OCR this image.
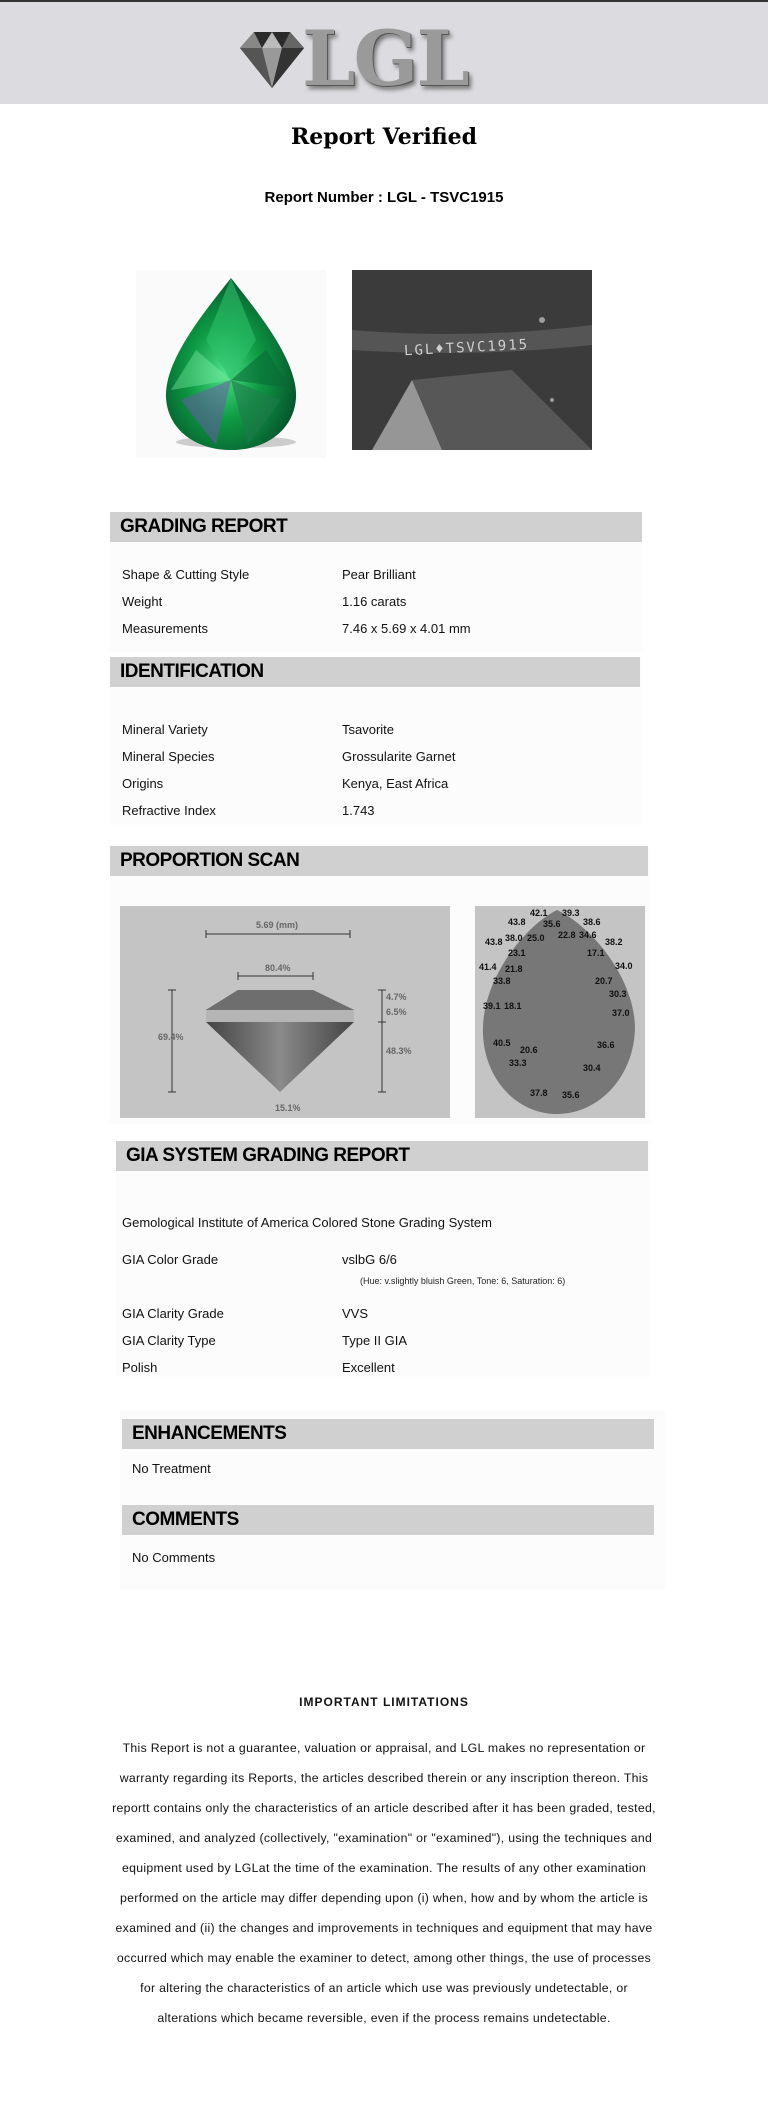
LGL
Report Verified
Report Number : LGL - TSVC1915
LGL♦TSVC1915
GRADING REPORT
Shape & Cutting Style	Pear Brilliant
Weight	1.16 carats
Measurements	7.46 x 5.69 x 4.01 mm
IDENTIFICATION
Mineral Variety	Tsavorite
Mineral Species	Grossularite Garnet
Origins	Kenya, East Africa
Refractive Index	1.743
PROPORTION SCAN
5.69 (mm)
80.4%
69.4%
4.7%
6.5%
48.3%
15.1%
42.1 39.3
43.8 35.6 38.6
38.0 25.0 22.8 34.6
43.8	38.2
23.1	17.1
34.0
41.4 21.8
33.8	20.7
30.3
39.1 18.1
37.0
40.5	36.6
20.6
33.3	30.4
37.8 35.6
GIA SYSTEM GRADING REPORT
Gemological Institute of America Colored Stone Grading System
GIA Color Grade	vslbG 6/6
(Hue: v.slightly bluish Green, Tone: 6, Saturation: 6)
GIA Clarity Grade	VVS
GIA Clarity Type	Type II GIA
Polish	Excellent
ENHANCEMENTS
No Treatment
COMMENTS
No Comments
IMPORTANT LIMITATIONS
This Report is not a guarantee, valuation or appraisal, and LGL makes no representation or warranty regarding its Reports, the articles described therein or any inscription thereon. This reportt contains only the characteristics of an article described after it has been graded, tested, examined, and analyzed (collectively, "examination" or "examined"), using the techniques and equipment used by LGLat the time of the examination. The results of any other examination performed on the article may differ depending upon (i) when, how and by whom the article is examined and (ii) the changes and improvements in techniques and equipment that may have occurred which may enable the examiner to detect, among other things, the use of processes for altering the characteristics of an article which use was previously undetectable, or alterations which became reversible, even if the process remains undetectable.
